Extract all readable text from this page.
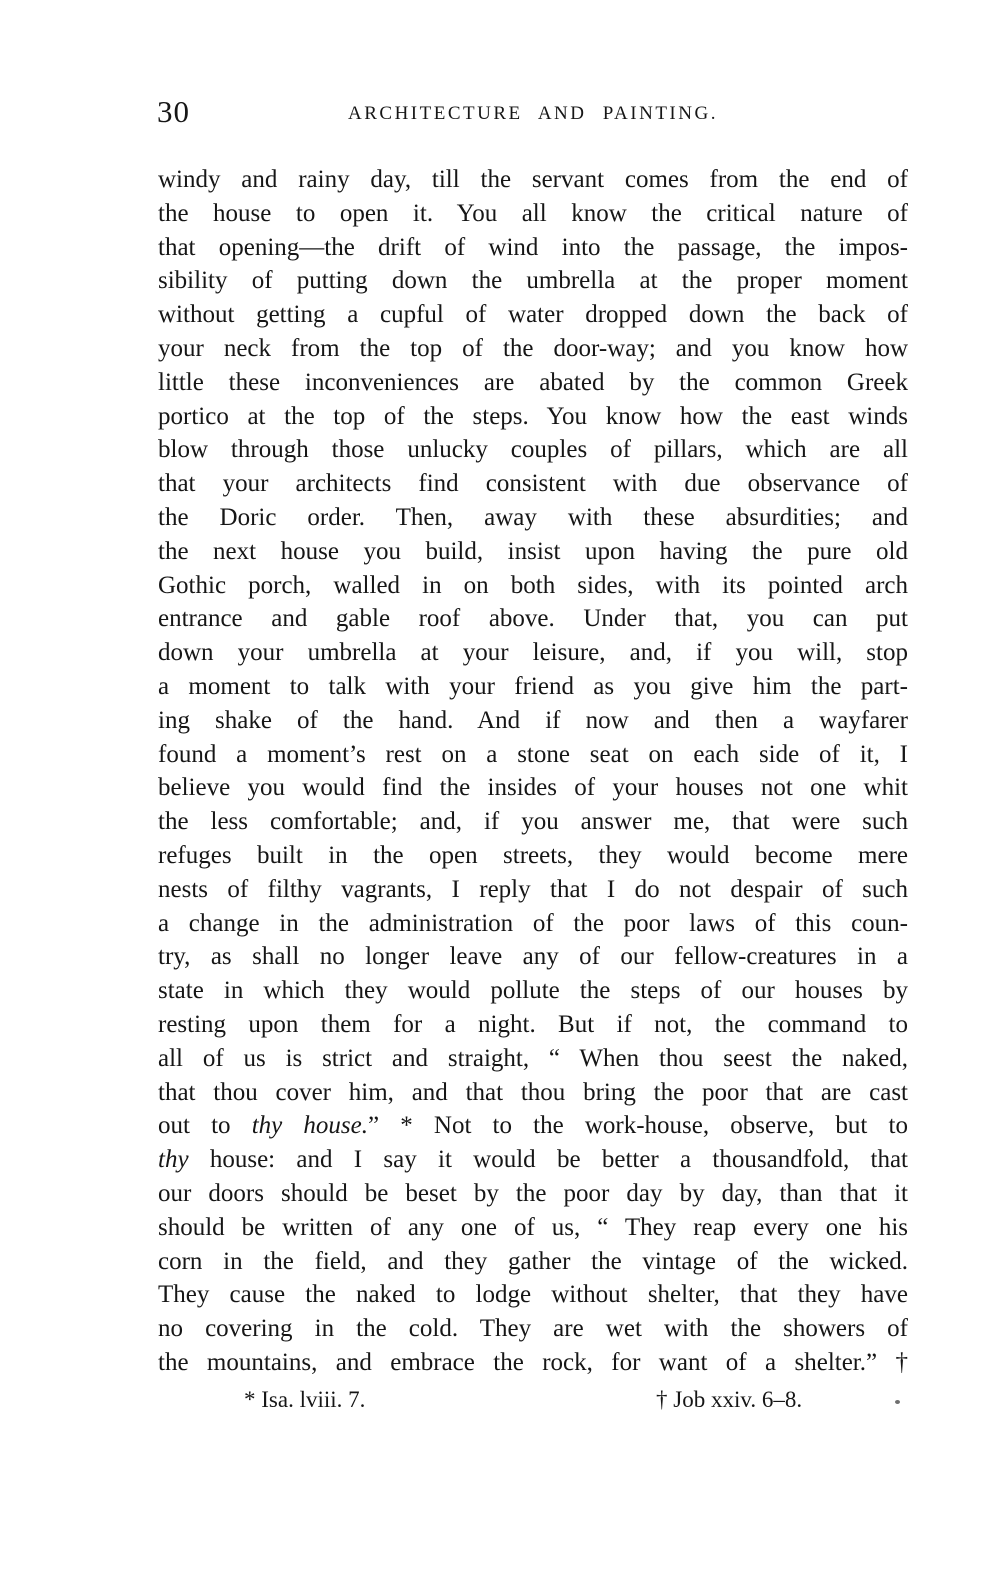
30	ARCHITECTURE AND PAINTING.
windy and rainy day, till the servant comes from the end of
the house to open it. You all know the critical nature of
that opening—the drift of wind into the passage, the impos-
sibility of putting down the umbrella at the proper moment
without getting a cupful of water dropped down the back of
your neck from the top of the door-way; and you know how
little these inconveniences are abated by the common Greek
portico at the top of the steps. You know how the east winds
blow through those unlucky couples of pillars, which are all
that your architects find consistent with due observance of
the Doric order. Then, away with these absurdities; and
the next house you build, insist upon having the pure old
Gothic porch, walled in on both sides, with its pointed arch
entrance and gable roof above. Under that, you can put
down your umbrella at your leisure, and, if you will, stop
a moment to talk with your friend as you give him the part-
ing shake of the hand. And if now and then a wayfarer
found a moment’s rest on a stone seat on each side of it, I
believe you would find the insides of your houses not one whit
the less comfortable; and, if you answer me, that were such
refuges built in the open streets, they would become mere
nests of filthy vagrants, I reply that I do not despair of such
a change in the administration of the poor laws of this coun-
try, as shall no longer leave any of our fellow-creatures in a
state in which they would pollute the steps of our houses by
resting upon them for a night. But if not, the command to
all of us is strict and straight, “ When thou seest the naked,
that thou cover him, and that thou bring the poor that are cast
out to thy house.” * Not to the work-house, observe, but to
thy house: and I say it would be better a thousandfold, that
our doors should be beset by the poor day by day, than that it
should be written of any one of us, “ They reap every one his
corn in the field, and they gather the vintage of the wicked.
They cause the naked to lodge without shelter, that they have
no covering in the cold. They are wet with the showers of
the mountains, and embrace the rock, for want of a shelter.” †
* Isa. lviii. 7.	† Job xxiv. 6–8.
